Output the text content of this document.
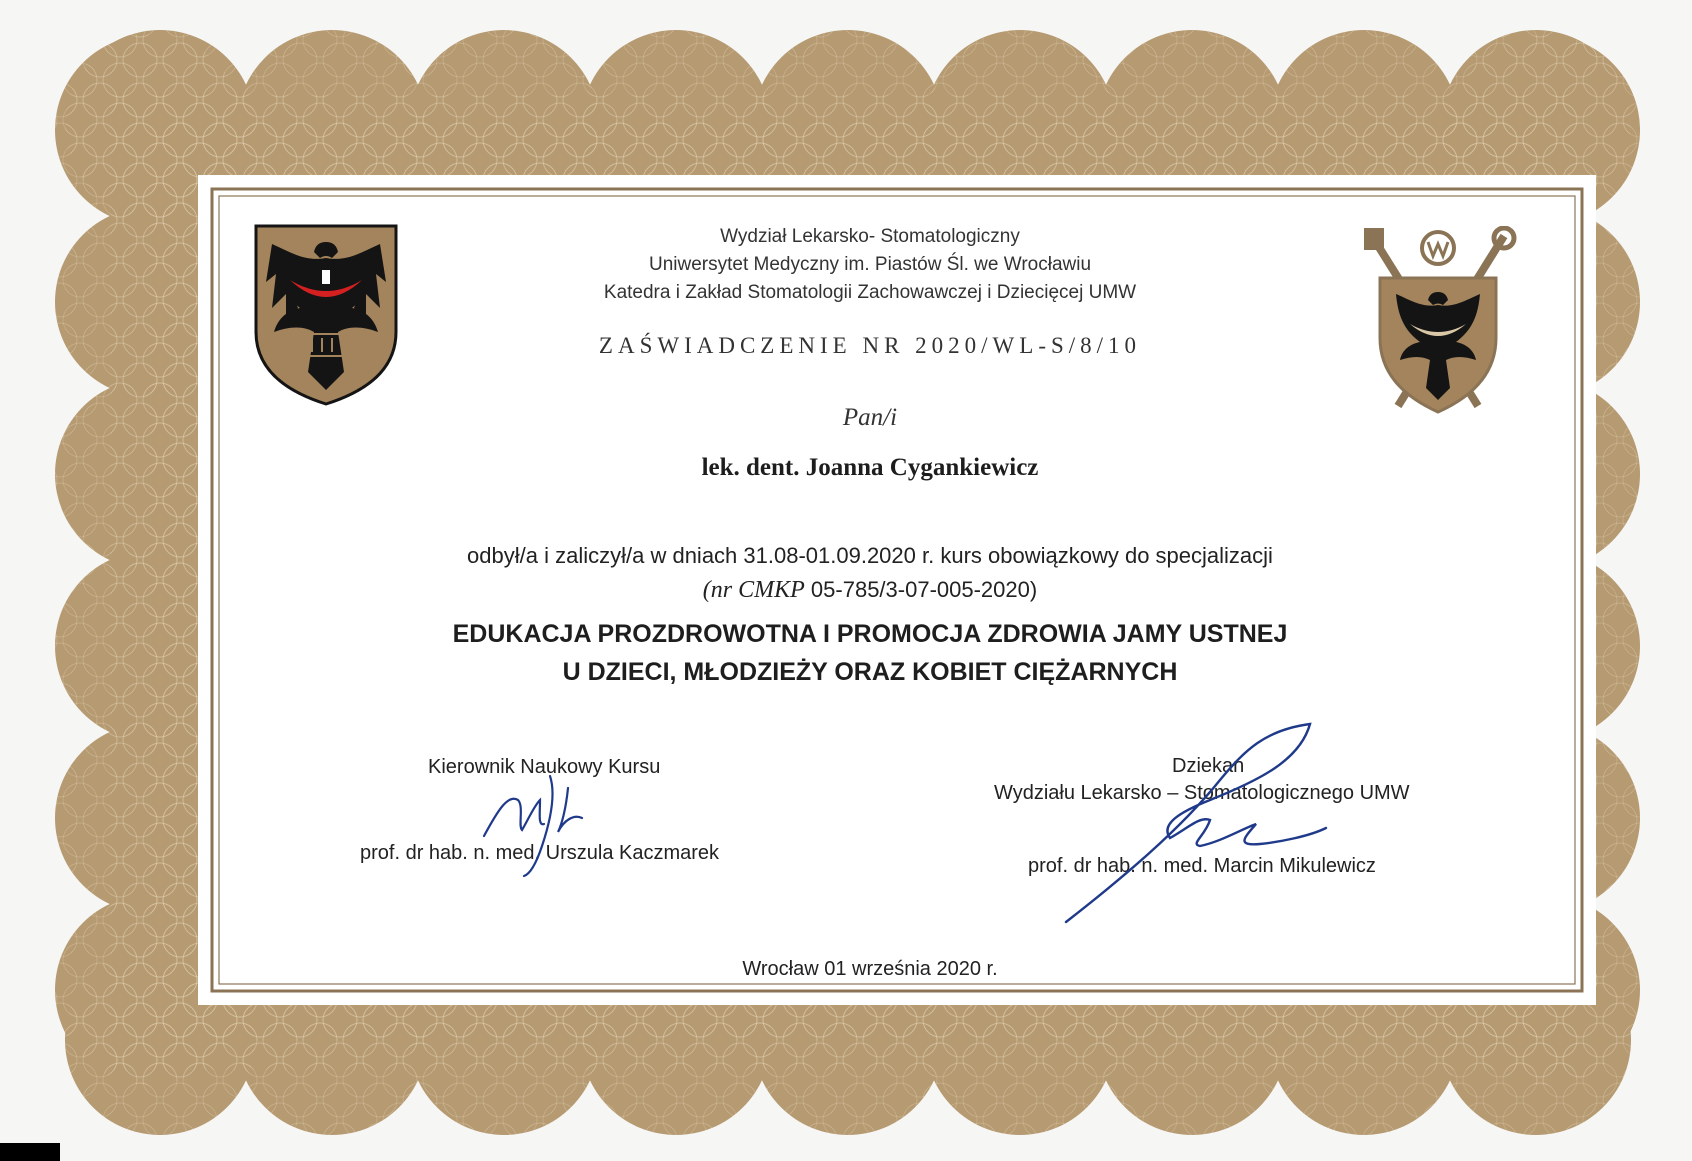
Wydział Lekarsko- Stomatologiczny
Uniwersytet Medyczny im. Piastów Śl. we Wrocławiu
Katedra i Zakład Stomatologii Zachowawczej i Dziecięcej UMW
ZAŚWIADCZENIE NR 2020/WL-S/8/10
Pan/i
lek. dent. Joanna Cygankiewicz
odbył/a i zaliczył/a w dniach 31.08-01.09.2020 r. kurs obowiązkowy do specjalizacji
(nr CMKP 05-785/3-07-005-2020)
EDUKACJA PROZDROWOTNA I PROMOCJA ZDROWIA JAMY USTNEJ
U DZIECI, MŁODZIEŻY ORAZ KOBIET CIĘŻARNYCH
Kierownik Naukowy Kursu
prof. dr hab. n. med. Urszula Kaczmarek
Dziekan
Wydziału Lekarsko – Stomatologicznego UMW
prof. dr hab. n. med. Marcin Mikulewicz
Wrocław 01 września 2020 r.
